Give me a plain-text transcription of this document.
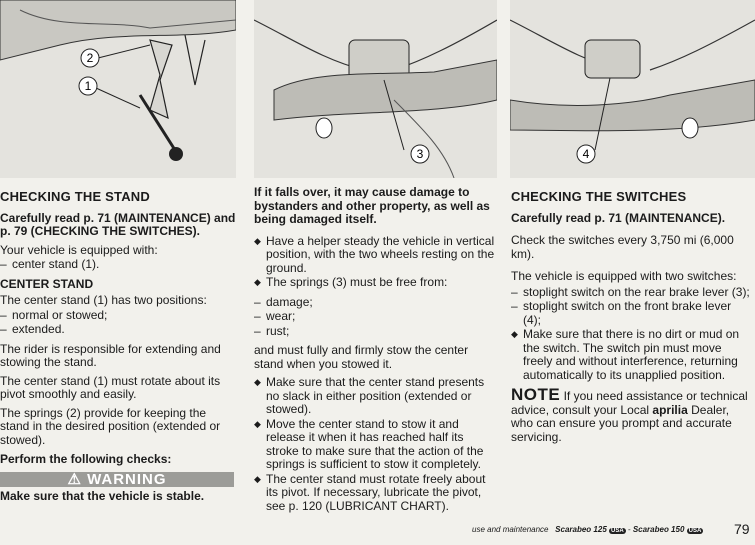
2
1
3	4
CHECKING THE STAND

Carefully read p. 71 (MAINTENANCE) and p. 79 (CHECKING THE SWITCHES).

Your vehicle is equipped with:

– center stand (1).
CENTER STAND

The center stand (1) has two positions:

– normal or stowed;
– extended.

The rider is responsible for extending and stowing the stand.

The center stand (1) must rotate about its pivot smoothly and easily.

The springs (2) provide for keeping the stand in the desired position (extended or stowed).

Perform the following checks:

⚠ WARNING

Make sure that the vehicle is stable.

If it falls over, it may cause damage to bystanders and other property, as well as being damaged itself.

◆ Have a helper steady the vehicle in vertical position, with the two wheels resting on the ground.
◆ The springs (3) must be free from:
– damage;
– wear;
– rust;

and must fully and firmly stow the center stand when you stowed it.

◆ Make sure that the center stand presents no slack in either position (extended or stowed).
◆ Move the center stand to stow it and release it when it has reached half its stroke to make sure that the action of the springs is sufficient to stow it completely.
◆ The center stand must rotate freely about its pivot. If necessary, lubricate the pivot, see p. 120 (LUBRICANT CHART).
CHECKING THE SWITCHES

Carefully read p. 71 (MAINTENANCE).

Check the switches every 3,750 mi (6,000 km).

The vehicle is equipped with two switches:

– stoplight switch on the rear brake lever (3);
– stoplight switch on the front brake lever (4);
◆ Make sure that there is no dirt or mud on the switch. The switch pin must move freely and without interference, returning automatically to its unapplied position.

NOTE If you need assistance or technical advice, consult your Local aprilia Dealer, who can ensure you prompt and accurate servicing.

use and maintenance Scarabeo 125 USA - Scarabeo 150 USA 79
